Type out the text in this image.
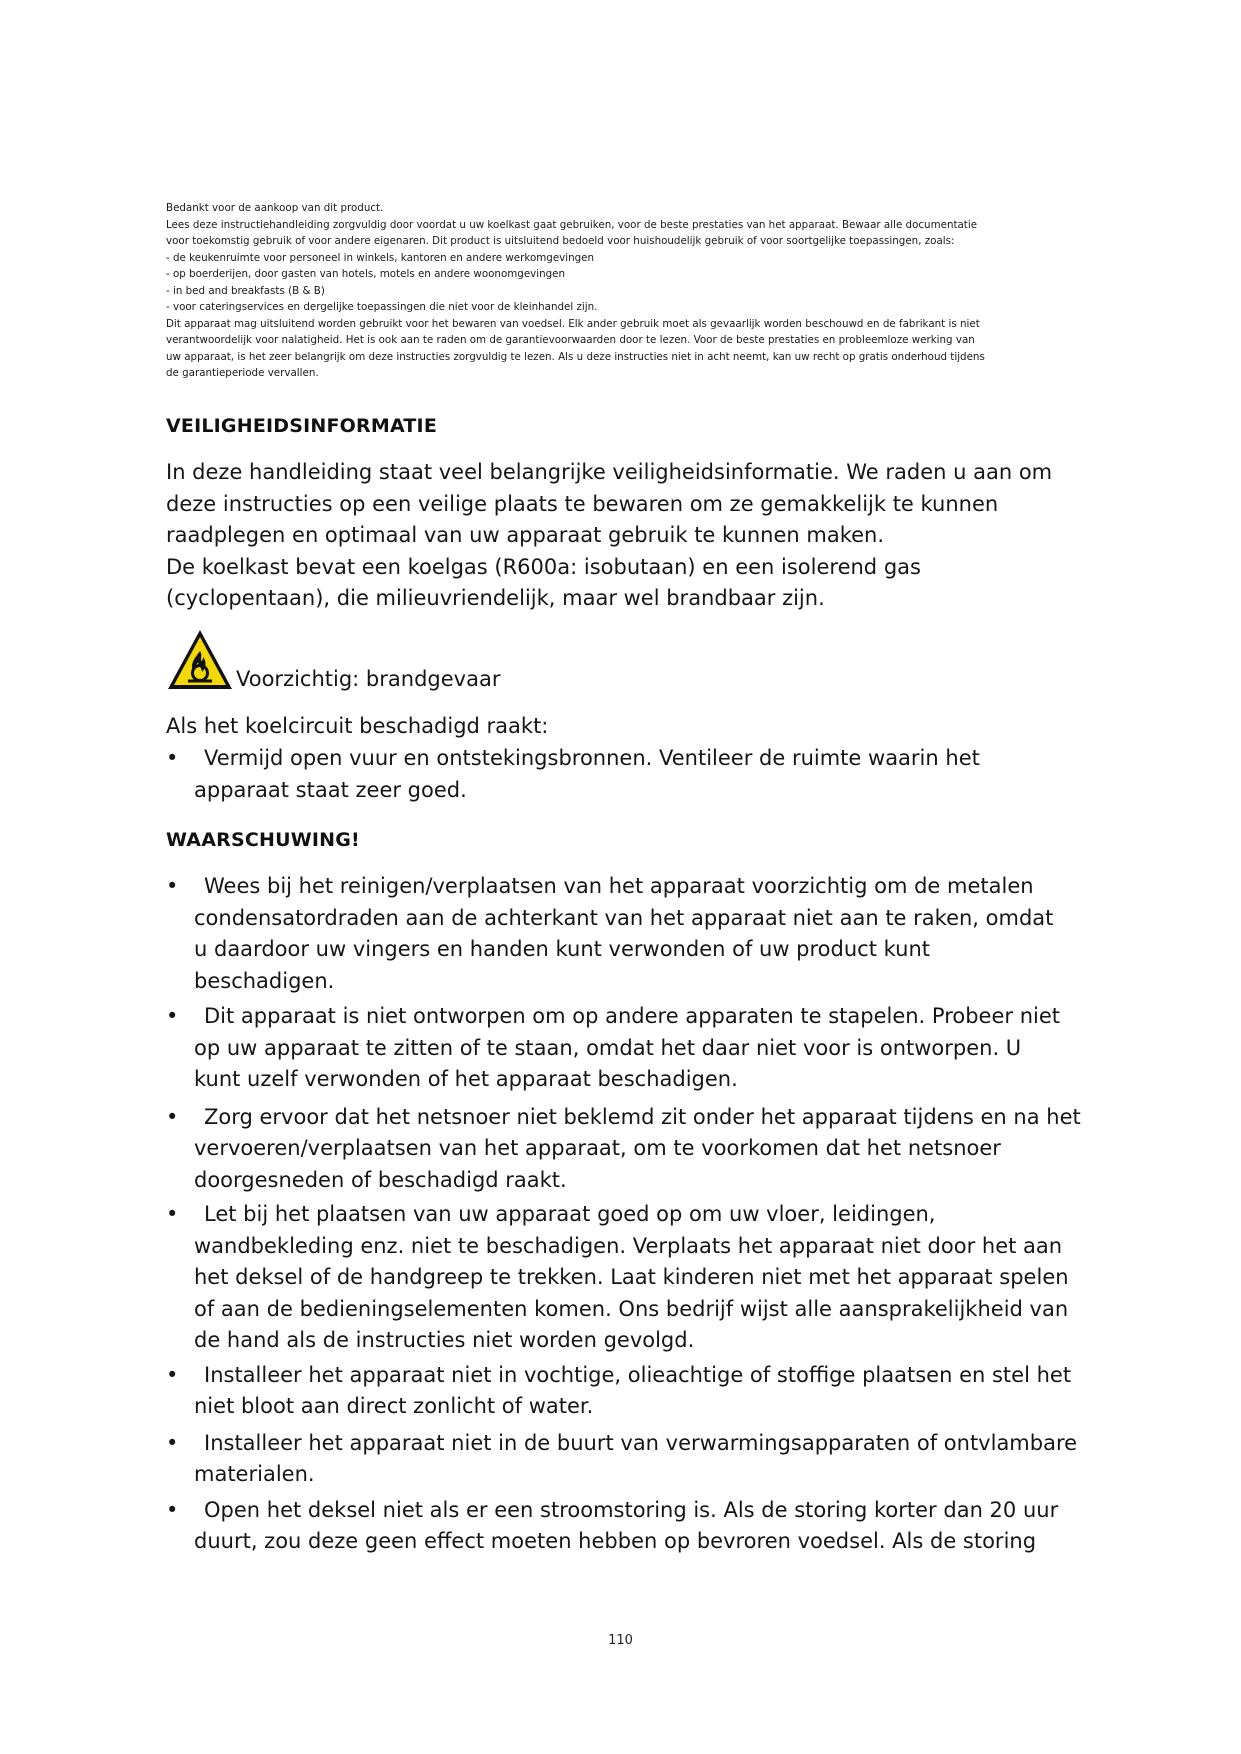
Bedankt voor de aankoop van dit product.
Lees deze instructiehandleiding zorgvuldig door voordat u uw koelkast gaat gebruiken, voor de beste prestaties van het apparaat. Bewaar alle documentatie
voor toekomstig gebruik of voor andere eigenaren. Dit product is uitsluitend bedoeld voor huishoudelijk gebruik of voor soortgelijke toepassingen, zoals:
- de keukenruimte voor personeel in winkels, kantoren en andere werkomgevingen
- op boerderijen, door gasten van hotels, motels en andere woonomgevingen
- in bed and breakfasts (B & B)
- voor cateringservices en dergelijke toepassingen die niet voor de kleinhandel zijn.
Dit apparaat mag uitsluitend worden gebruikt voor het bewaren van voedsel. Elk ander gebruik moet als gevaarlijk worden beschouwd en de fabrikant is niet
verantwoordelijk voor nalatigheid. Het is ook aan te raden om de garantievoorwaarden door te lezen. Voor de beste prestaties en probleemloze werking van
uw apparaat, is het zeer belangrijk om deze instructies zorgvuldig te lezen. Als u deze instructies niet in acht neemt, kan uw recht op gratis onderhoud tijdens
de garantieperiode vervallen.
VEILIGHEIDSINFORMATIE
In deze handleiding staat veel belangrijke veiligheidsinformatie. We raden u aan om
deze instructies op een veilige plaats te bewaren om ze gemakkelijk te kunnen
raadplegen en optimaal van uw apparaat gebruik te kunnen maken.
De koelkast bevat een koelgas (R600a: isobutaan) en een isolerend gas
(cyclopentaan), die milieuvriendelijk, maar wel brandbaar zijn.
Voorzichtig: brandgevaar
Als het koelcircuit beschadigd raakt:
•	Vermijd open vuur en ontstekingsbronnen. Ventileer de ruimte waarin het
apparaat staat zeer goed.
WAARSCHUWING!
•	Wees bij het reinigen/verplaatsen van het apparaat voorzichtig om de metalen
condensatordraden aan de achterkant van het apparaat niet aan te raken, omdat
u daardoor uw vingers en handen kunt verwonden of uw product kunt
beschadigen.
•	Dit apparaat is niet ontworpen om op andere apparaten te stapelen. Probeer niet
op uw apparaat te zitten of te staan, omdat het daar niet voor is ontworpen. U
kunt uzelf verwonden of het apparaat beschadigen.
•	Zorg ervoor dat het netsnoer niet beklemd zit onder het apparaat tijdens en na het
vervoeren/verplaatsen van het apparaat, om te voorkomen dat het netsnoer
doorgesneden of beschadigd raakt.
•	Let bij het plaatsen van uw apparaat goed op om uw vloer, leidingen,
wandbekleding enz. niet te beschadigen. Verplaats het apparaat niet door het aan
het deksel of de handgreep te trekken. Laat kinderen niet met het apparaat spelen
of aan de bedieningselementen komen. Ons bedrijf wijst alle aansprakelijkheid van
de hand als de instructies niet worden gevolgd.
•	Installeer het apparaat niet in vochtige, olieachtige of stoffige plaatsen en stel het
niet bloot aan direct zonlicht of water.
•	Installeer het apparaat niet in de buurt van verwarmingsapparaten of ontvlambare
materialen.
•	Open het deksel niet als er een stroomstoring is. Als de storing korter dan 20 uur
duurt, zou deze geen effect moeten hebben op bevroren voedsel. Als de storing
110
